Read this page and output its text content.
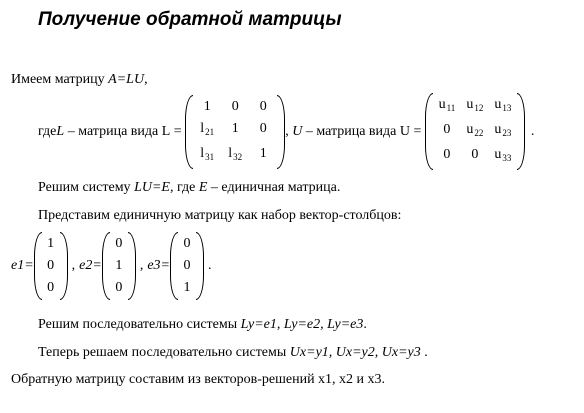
Получение обратной матрицы
Имеем матрицу A=LU,
где L – матрица вида L =
1	0	0
$l_{21}$	1	0
$l_{31}$	$l_{32}$	1
, U – матрица вида U =
$u_{11}$ $u_{12}$ $u_{13}$
0	$u_{22}$ $u_{23}$
0	0	$u_{33}$
.
Решим систему LU=E, где E – единичная матрица.
Представим единичную матрицу как набор вектор-столбцов:
e1=
1
0
0
, e2=
0
1
0
, e3=
0
0
1
.
Решим последовательно системы Ly=e1, Ly=e2, Ly=e3.
Теперь решаем последовательно системы Ux=y1, Ux=y2, Ux=y3 .
Обратную матрицу составим из векторов-решений x1, x2 и x3.
